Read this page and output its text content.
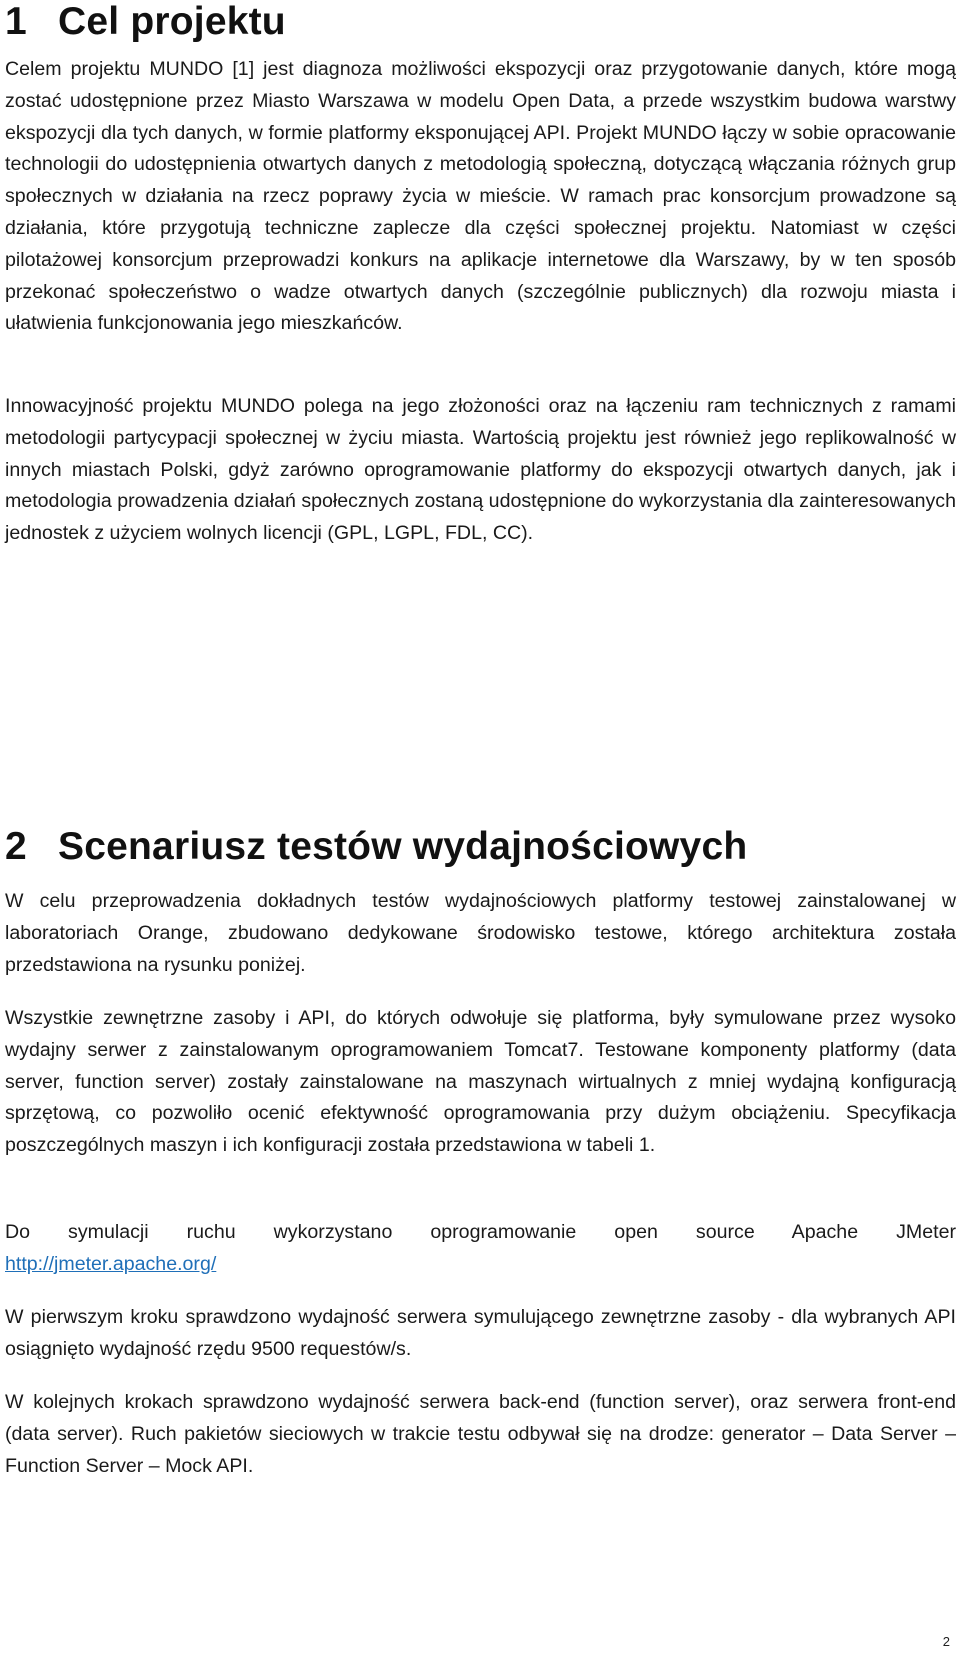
1 Cel projektu

Celem projektu MUNDO [1] jest diagnoza możliwości ekspozycji oraz przygotowanie danych, które mogą zostać udostępnione przez Miasto Warszawa w modelu Open Data, a przede wszystkim budowa warstwy ekspozycji dla tych danych, w formie platformy eksponującej API. Projekt MUNDO łączy w sobie opracowanie technologii do udostępnienia otwartych danych z metodologią społeczną, dotyczącą włączania różnych grup społecznych w działania na rzecz poprawy życia w mieście. W ramach prac konsorcjum prowadzone są działania, które przygotują techniczne zaplecze dla części społecznej projektu. Natomiast w części pilotażowej konsorcjum przeprowadzi konkurs na aplikacje internetowe dla Warszawy, by w ten sposób przekonać społeczeństwo o wadze otwartych danych (szczególnie publicznych) dla rozwoju miasta i ułatwienia funkcjonowania jego mieszkańców.

Innowacyjność projektu MUNDO polega na jego złożoności oraz na łączeniu ram technicznych z ramami metodologii partycypacji społecznej w życiu miasta. Wartością projektu jest również jego replikowalność w innych miastach Polski, gdyż zarówno oprogramowanie platformy do ekspozycji otwartych danych, jak i metodologia prowadzenia działań społecznych zostaną udostępnione do wykorzystania dla zainteresowanych jednostek z użyciem wolnych licencji (GPL, LGPL, FDL, CC).

2 Scenariusz testów wydajnościowych

W celu przeprowadzenia dokładnych testów wydajnościowych platformy testowej zainstalowanej w laboratoriach Orange, zbudowano dedykowane środowisko testowe, którego architektura została przedstawiona na rysunku poniżej.

Wszystkie zewnętrzne zasoby i API, do których odwołuje się platforma, były symulowane przez wysoko wydajny serwer z zainstalowanym oprogramowaniem Tomcat7. Testowane komponenty platformy (data server, function server) zostały zainstalowane na maszynach wirtualnych z mniej wydajną konfiguracją sprzętową, co pozwoliło ocenić efektywność oprogramowania przy dużym obciążeniu. Specyfikacja poszczególnych maszyn i ich konfiguracji została przedstawiona w tabeli 1.

Do symulacji ruchu wykorzystano oprogramowanie open source Apache JMeter

http://jmeter.apache.org/

W pierwszym kroku sprawdzono wydajność serwera symulującego zewnętrzne zasoby - dla wybranych API osiągnięto wydajność rzędu 9500 requestów/s.

W kolejnych krokach sprawdzono wydajność serwera back-end (function server), oraz serwera front-end (data server). Ruch pakietów sieciowych w trakcie testu odbywał się na drodze: generator – Data Server – Function Server – Mock API.

2
